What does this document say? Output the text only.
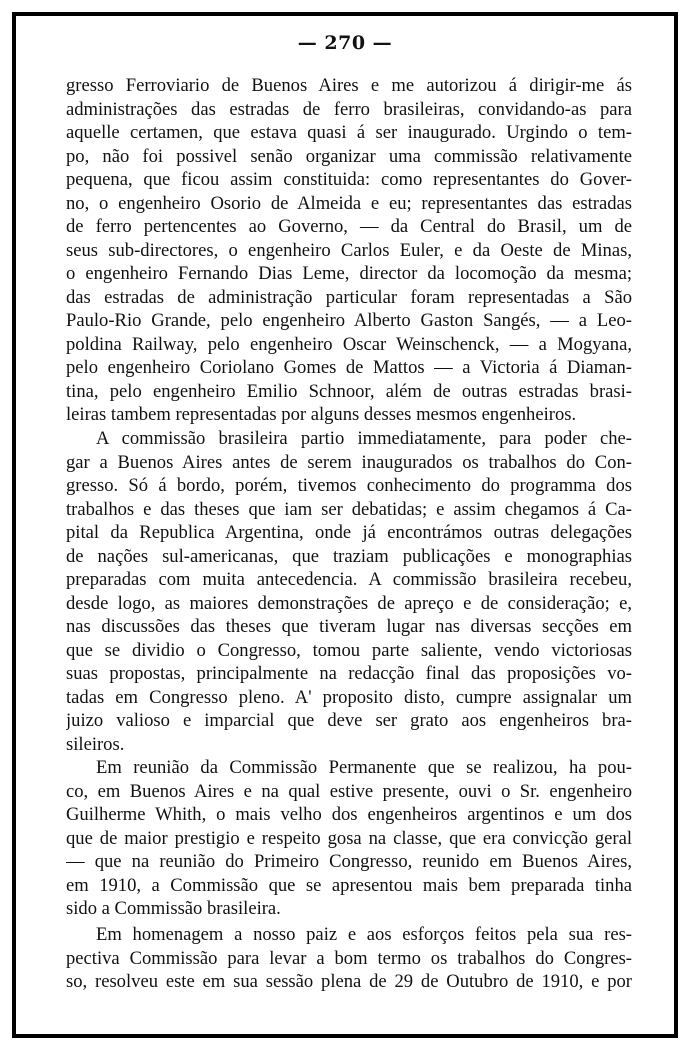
— 270 —
gresso Ferroviario de Buenos Aires e me autorizou á dirigir-me ás
administrações das estradas de ferro brasileiras, convidando-as para
aquelle certamen, que estava quasi á ser inaugurado. Urgindo o tem-
po, não foi possivel senão organizar uma commissão relativamente
pequena, que ficou assim constituida: como representantes do Gover-
no, o engenheiro Osorio de Almeida e eu; representantes das estradas
de ferro pertencentes ao Governo, — da Central do Brasil, um de
seus sub-directores, o engenheiro Carlos Euler, e da Oeste de Minas,
o engenheiro Fernando Dias Leme, director da locomoção da mesma;
das estradas de administração particular foram representadas a São
Paulo-Rio Grande, pelo engenheiro Alberto Gaston Sangés, — a Leo-
poldina Railway, pelo engenheiro Oscar Weinschenck, — a Mogyana,
pelo engenheiro Coriolano Gomes de Mattos — a Victoria á Diaman-
tina, pelo engenheiro Emilio Schnoor, além de outras estradas brasi-
leiras tambem representadas por alguns desses mesmos engenheiros.
A commissão brasileira partio immediatamente, para poder che-
gar a Buenos Aires antes de serem inaugurados os trabalhos do Con-
gresso. Só á bordo, porém, tivemos conhecimento do programma dos
trabalhos e das theses que iam ser debatidas; e assim chegamos á Ca-
pital da Republica Argentina, onde já encontrámos outras delegações
de nações sul-americanas, que traziam publicações e monographias
preparadas com muita antecedencia. A commissão brasileira recebeu,
desde logo, as maiores demonstrações de apreço e de consideração; e,
nas discussões das theses que tiveram lugar nas diversas secções em
que se dividio o Congresso, tomou parte saliente, vendo victoriosas
suas propostas, principalmente na redacção final das proposições vo-
tadas em Congresso pleno. A' proposito disto, cumpre assignalar um
juizo valioso e imparcial que deve ser grato aos engenheiros bra-
sileiros.
Em reunião da Commissão Permanente que se realizou, ha pou-
co, em Buenos Aires e na qual estive presente, ouvi o Sr. engenheiro
Guilherme Whith, o mais velho dos engenheiros argentinos e um dos
que de maior prestigio e respeito gosa na classe, que era convicção geral
— que na reunião do Primeiro Congresso, reunido em Buenos Aires,
em 1910, a Commissão que se apresentou mais bem preparada tinha
sido a Commissão brasileira.
Em homenagem a nosso paiz e aos esforços feitos pela sua res-
pectiva Commissão para levar a bom termo os trabalhos do Congres-
so, resolveu este em sua sessão plena de 29 de Outubro de 1910, e por
